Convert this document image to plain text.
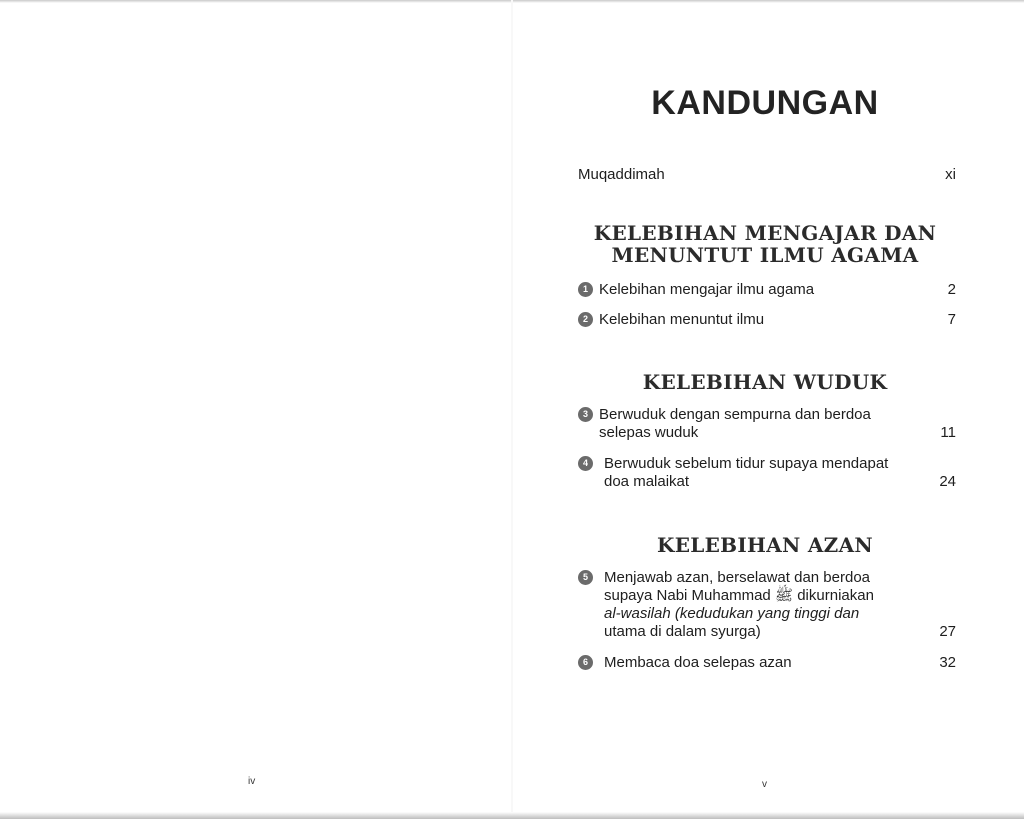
iv	v
KANDUNGAN
Muqaddimah	xi
KELEBIHAN MENGAJAR DAN
MENUNTUT ILMU AGAMA
1 Kelebihan mengajar ilmu agama	2
2 Kelebihan menuntut ilmu	7
KELEBIHAN WUDUK
3 Berwuduk dengan sempurna dan berdoa
selepas wuduk	11
4	Berwuduk sebelum tidur supaya mendapat
doa malaikat	24
KELEBIHAN AZAN
5	Menjawab azan, berselawat dan berdoa
supaya Nabi Muhammad ﷺ dikurniakan
al-wasilah (kedudukan yang tinggi dan
utama di dalam syurga)	27
6	Membaca doa selepas azan	32
